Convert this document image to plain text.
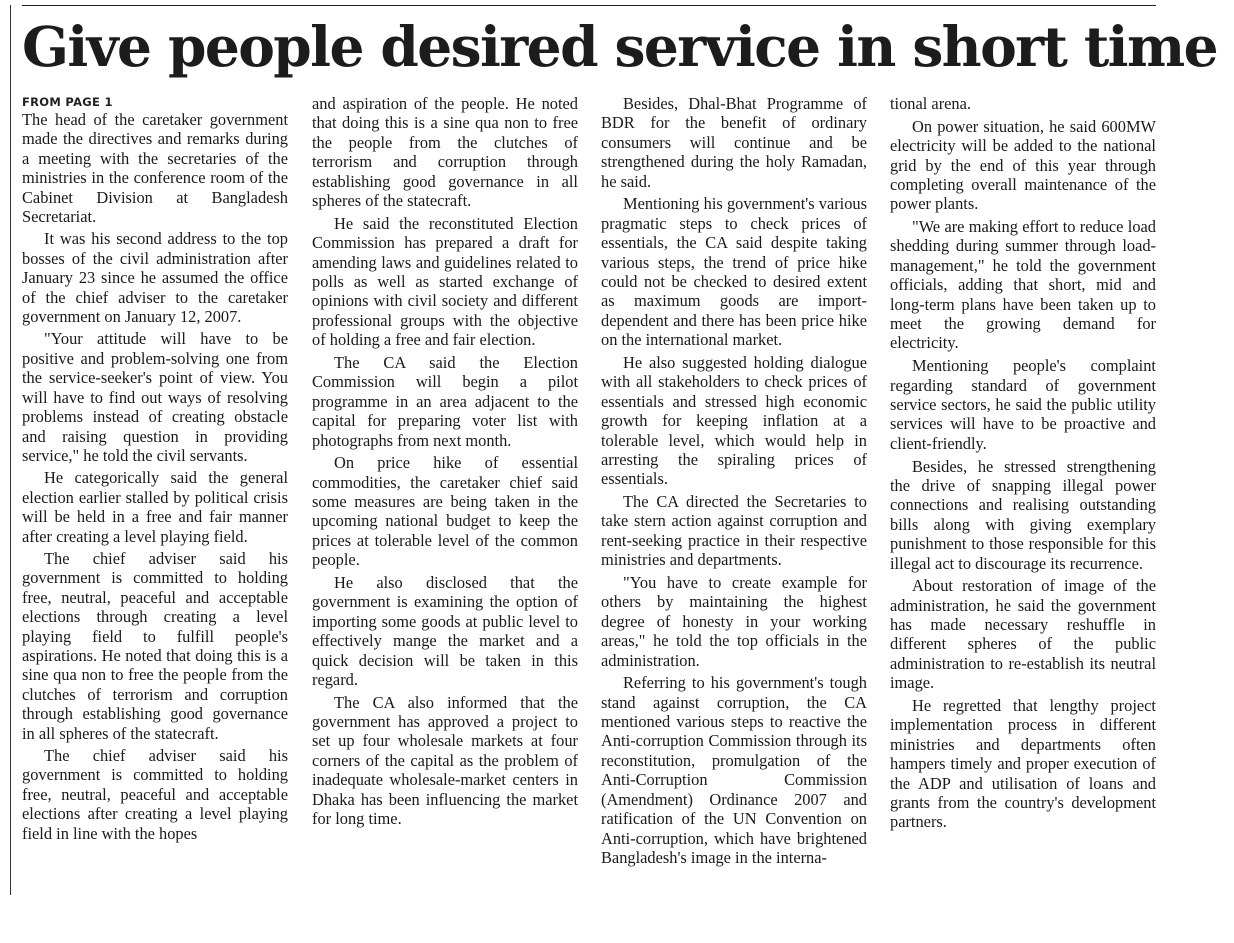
Give people desired service in short time
FROM PAGE 1

The head of the caretaker government made the directives and remarks during a meeting with the secretaries of the ministries in the conference room of the Cabinet Division at Bangladesh Secretariat.

It was his second address to the top bosses of the civil administration after January 23 since he assumed the office of the chief adviser to the caretaker government on January 12, 2007.

"Your attitude will have to be positive and problem-solving one from the service-seeker's point of view. You will have to find out ways of resolving problems instead of creating obstacle and raising question in providing service," he told the civil servants.

He categorically said the general election earlier stalled by political crisis will be held in a free and fair manner after creating a level playing field.

The chief adviser said his government is committed to holding free, neutral, peaceful and acceptable elections through creating a level playing field to fulfill people's aspirations. He noted that doing this is a sine qua non to free the people from the clutches of terrorism and corruption through establishing good governance in all spheres of the statecraft.

The chief adviser said his government is committed to holding free, neutral, peaceful and acceptable elections after creating a level playing field in line with the hopes

and aspiration of the people. He noted that doing this is a sine qua non to free the people from the clutches of terrorism and corruption through establishing good governance in all spheres of the statecraft.

He said the reconstituted Election Commission has prepared a draft for amending laws and guidelines related to polls as well as started exchange of opinions with civil society and different professional groups with the objective of holding a free and fair election.

The CA said the Election Commission will begin a pilot programme in an area adjacent to the capital for preparing voter list with photographs from next month.

On price hike of essential commodities, the caretaker chief said some measures are being taken in the upcoming national budget to keep the prices at tolerable level of the common people.

He also disclosed that the government is examining the option of importing some goods at public level to effectively mange the market and a quick decision will be taken in this regard.

The CA also informed that the government has approved a project to set up four wholesale markets at four corners of the capital as the problem of inadequate wholesale-market centers in Dhaka has been influencing the market for long time.

Besides, Dhal-Bhat Programme of BDR for the benefit of ordinary consumers will continue and be strengthened during the holy Ramadan, he said.

Mentioning his government's various pragmatic steps to check prices of essentials, the CA said despite taking various steps, the trend of price hike could not be checked to desired extent as maximum goods are import-dependent and there has been price hike on the international market.

He also suggested holding dialogue with all stakeholders to check prices of essentials and stressed high economic growth for keeping inflation at a tolerable level, which would help in arresting the spiraling prices of essentials.

The CA directed the Secretaries to take stern action against corruption and rent-seeking practice in their respective ministries and departments.

"You have to create example for others by maintaining the highest degree of honesty in your working areas," he told the top officials in the administration.

Referring to his government's tough stand against corruption, the CA mentioned various steps to reactive the Anti-corruption Commission through its reconstitution, promulgation of the Anti-Corruption Commission (Amendment) Ordinance 2007 and ratification of the UN Convention on Anti-corruption, which have brightened Bangladesh's image in the interna-

tional arena.

On power situation, he said 600MW electricity will be added to the national grid by the end of this year through completing overall maintenance of the power plants.

"We are making effort to reduce load shedding during summer through load-management," he told the government officials, adding that short, mid and long-term plans have been taken up to meet the growing demand for electricity.

Mentioning people's complaint regarding standard of government service sectors, he said the public utility services will have to be proactive and client-friendly.

Besides, he stressed strengthening the drive of snapping illegal power connections and realising outstanding bills along with giving exemplary punishment to those responsible for this illegal act to discourage its recurrence.

About restoration of image of the administration, he said the government has made necessary reshuffle in different spheres of the public administration to re-establish its neutral image.

He regretted that lengthy project implementation process in different ministries and departments often hampers timely and proper execution of the ADP and utilisation of loans and grants from the country's development partners.
